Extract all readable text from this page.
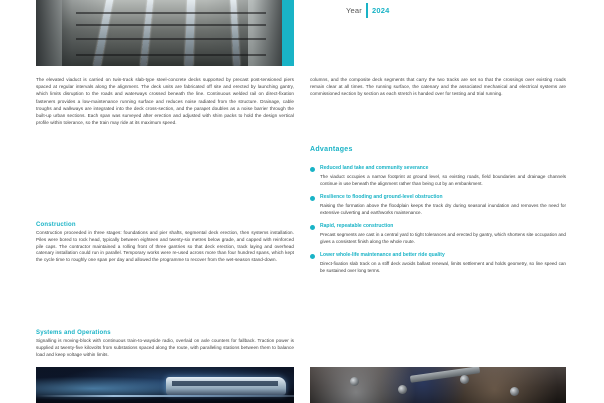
Year 2024
The elevated viaduct is carried on twin-track slab-type steel-concrete decks supported by precast post-tensioned piers spaced at regular intervals along the alignment. The deck units are fabricated off site and erected by launching gantry, which limits disruption to the roads and waterways crossed beneath the line. Continuous welded rail on direct-fixation fasteners provides a low-maintenance running surface and reduces noise radiated from the structure. Drainage, cable troughs and walkways are integrated into the deck cross-section, and the parapet doubles as a noise barrier through the built-up urban sections. Each span was surveyed after erection and adjusted with shim packs to hold the design vertical profile within tolerance, so the train may ride at its maximum speed.
Construction
Construction proceeded in three stages: foundations and pier shafts, segmental deck erection, then systems installation. Piles were bored to rock head, typically between eighteen and twenty-six metres below grade, and capped with reinforced pile caps. The contractor maintained a rolling front of three gantries so that deck erection, track laying and overhead catenary installation could run in parallel. Temporary works were re-used across more than four hundred spans, which kept the cycle time to roughly one span per day and allowed the programme to recover from the wet-season stand-down.
Systems and Operations
Signalling is moving-block with continuous train-to-wayside radio, overlaid on axle counters for fallback. Traction power is supplied at twenty-five kilovolts from substations spaced along the route, with paralleling stations between them to balance load and keep voltage within limits.
columns, and the composite deck segments that carry the two tracks are set so that the crossings over existing roads remain clear at all times. The running surface, the catenary and the associated mechanical and electrical systems are commissioned section by section as each stretch is handed over for testing and trial running.
Advantages
Reduced land take and community severance
The viaduct occupies a narrow footprint at ground level, so existing roads, field boundaries and drainage channels continue in use beneath the alignment rather than being cut by an embankment.
Resilience to flooding and ground-level obstruction
Raising the formation above the floodplain keeps the track dry during seasonal inundation and removes the need for extensive culverting and earthworks maintenance.
Rapid, repeatable construction
Precast segments are cast in a central yard to tight tolerances and erected by gantry, which shortens site occupation and gives a consistent finish along the whole route.
Lower whole-life maintenance and better ride quality
Direct-fixation slab track on a stiff deck avoids ballast renewal, limits settlement and holds geometry, so line speed can be sustained over long terms.
